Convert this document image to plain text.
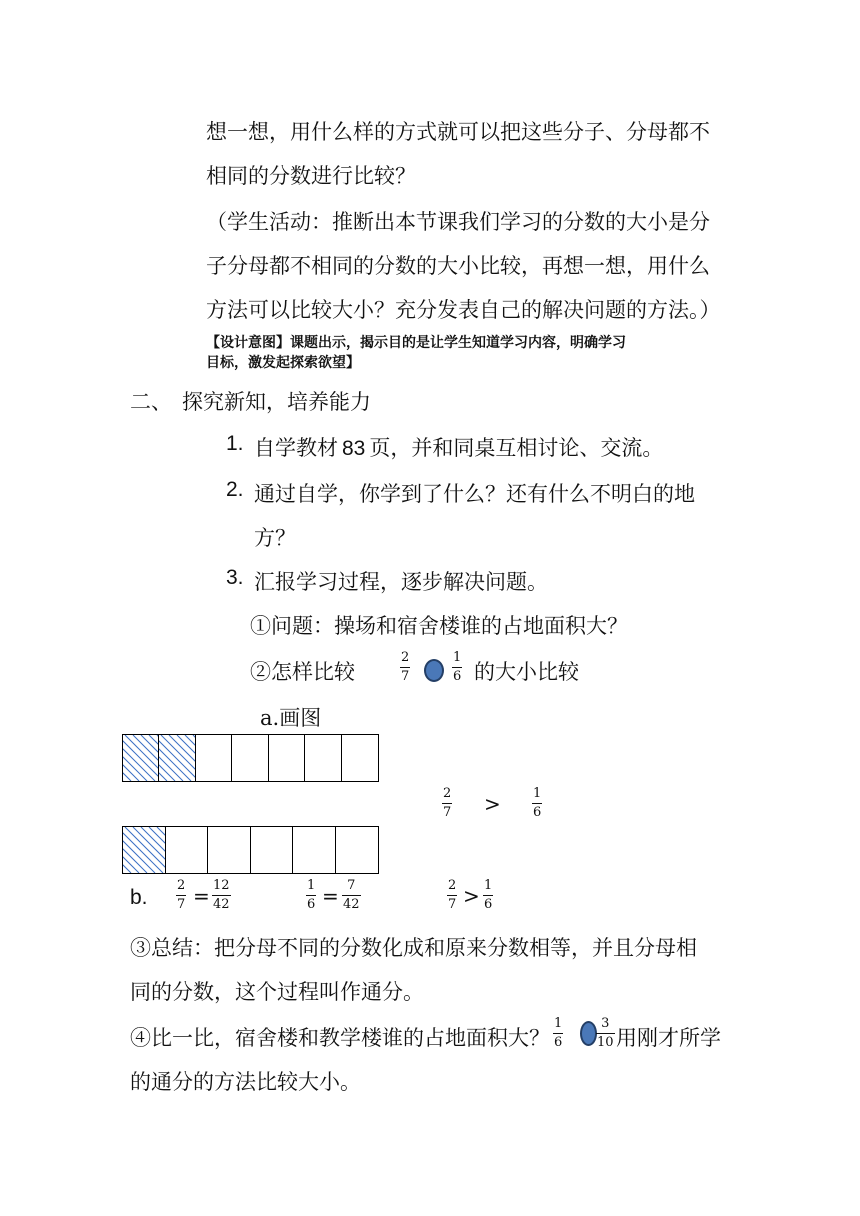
想一想，用什么样的方式就可以把这些分子、分母都不
相同的分数进行比较？
（学生活动：推断出本节课我们学习的分数的大小是分
子分母都不相同的分数的大小比较，再想一想，用什么
方法可以比较大小？充分发表自己的解决问题的方法。）
【设计意图】课题出示，揭示目的是让学生知道学习内容，明确学习
目标，激发起探索欲望】
二、 探究新知，培养能力
1. 自学教材 83 页，并和同桌互相讨论、交流。
2. 通过自学，你学到了什么？还有什么不明白的地
方？
3. 汇报学习过程，逐步解决问题。
①问题：操场和宿舍楼谁的占地面积大？
②怎样比较
2
7
1
6 的大小比较
a.画图
2
7 > 1
6
b.
2
7 = 12
42
1
6 = 7
42
2
7 > 1
6
③总结：把分母不同的分数化成和原来分数相等，并且分母相
同的分数，这个过程叫作通分。
④比一比，宿舍楼和教学楼谁的占地面积大？
1
6
3
10 用刚才所学
的通分的方法比较大小。
